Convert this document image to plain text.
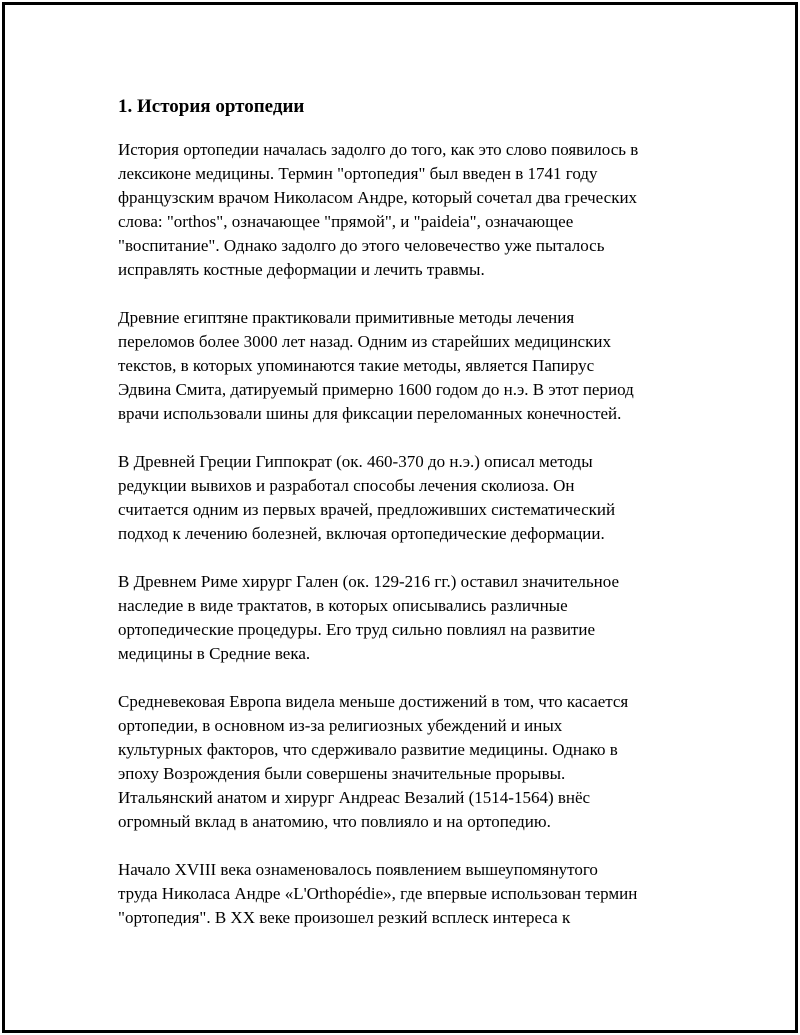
1. История ортопедии
История ортопедии началась задолго до того, как это слово появилось в
лексиконе медицины. Термин "ортопедия" был введен в 1741 году
французским врачом Николасом Андре, который сочетал два греческих
слова: "orthos", означающее "прямой", и "paideia", означающее
"воспитание". Однако задолго до этого человечество уже пыталось
исправлять костные деформации и лечить травмы.
Древние египтяне практиковали примитивные методы лечения
переломов более 3000 лет назад. Одним из старейших медицинских
текстов, в которых упоминаются такие методы, является Папирус
Эдвина Смита, датируемый примерно 1600 годом до н.э. В этот период
врачи использовали шины для фиксации переломанных конечностей.
В Древней Греции Гиппократ (ок. 460-370 до н.э.) описал методы
редукции вывихов и разработал способы лечения сколиоза. Он
считается одним из первых врачей, предложивших систематический
подход к лечению болезней, включая ортопедические деформации.
В Древнем Риме хирург Гален (ок. 129-216 гг.) оставил значительное
наследие в виде трактатов, в которых описывались различные
ортопедические процедуры. Его труд сильно повлиял на развитие
медицины в Средние века.
Средневековая Европа видела меньше достижений в том, что касается
ортопедии, в основном из-за религиозных убеждений и иных
культурных факторов, что сдерживало развитие медицины. Однако в
эпоху Возрождения были совершены значительные прорывы.
Итальянский анатом и хирург Андреас Везалий (1514-1564) внёс
огромный вклад в анатомию, что повлияло и на ортопедию.
Начало XVIII века ознаменовалось появлением вышеупомянутого
труда Николаса Андре «L'Orthopédie», где впервые использован термин
"ортопедия". В XX веке произошел резкий всплеск интереса к
